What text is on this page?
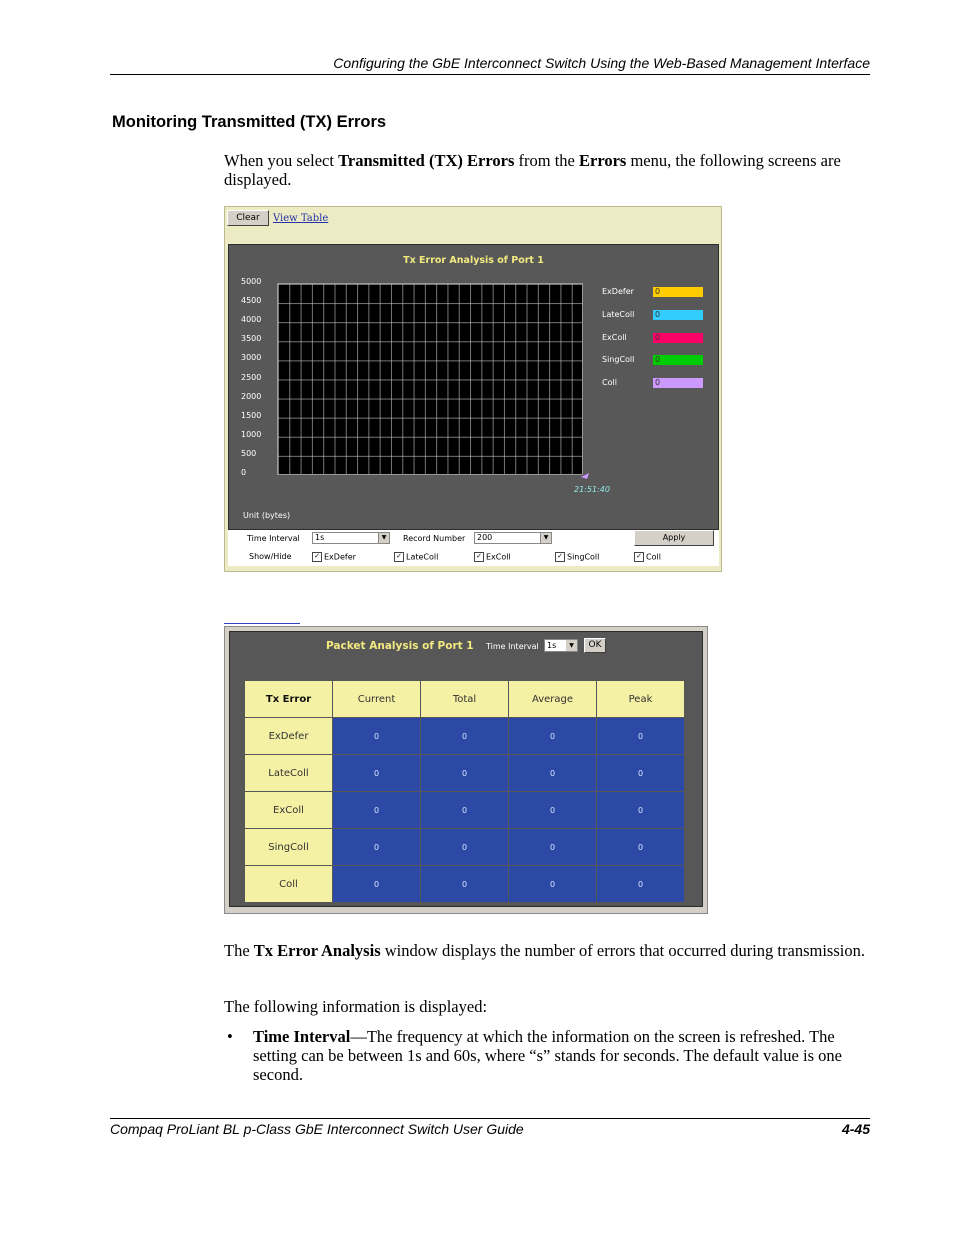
Configuring the GbE Interconnect Switch Using the Web-Based Management Interface
Monitoring Transmitted (TX) Errors
When you select Transmitted (TX) Errors from the Errors menu, the following screens are displayed.
Clear	View Table
Tx Error Analysis of Port 1
5000
4500
4000
3500
3000
2500
2000
1500
1000
500
0
21:51:40
Unit (bytes)
ExDefer	0
LateColl	0
ExColl	0
SingColl	0
Coll	0
Time Interval	1s	▼	Record Number	200	▼	Apply
Show/Hide	✓ ExDefer	✓ LateColl	✓ ExColl	✓ SingColl	✓ Coll
Packet Analysis of Port 1 Time Interval	1s	▼	OK
Tx Error	Current	Total	Average	Peak
ExDefer	0	0	0	0
LateColl	0	0	0	0
ExColl	0	0	0	0
SingColl	0	0	0	0
Coll	0	0	0	0
The Tx Error Analysis window displays the number of errors that occurred during transmission.
The following information is displayed:
• Time Interval—The frequency at which the information on the screen is refreshed. The setting can be between 1s and 60s, where “s” stands for seconds. The default value is one second.
Compaq ProLiant BL p-Class GbE Interconnect Switch User Guide	4-45
